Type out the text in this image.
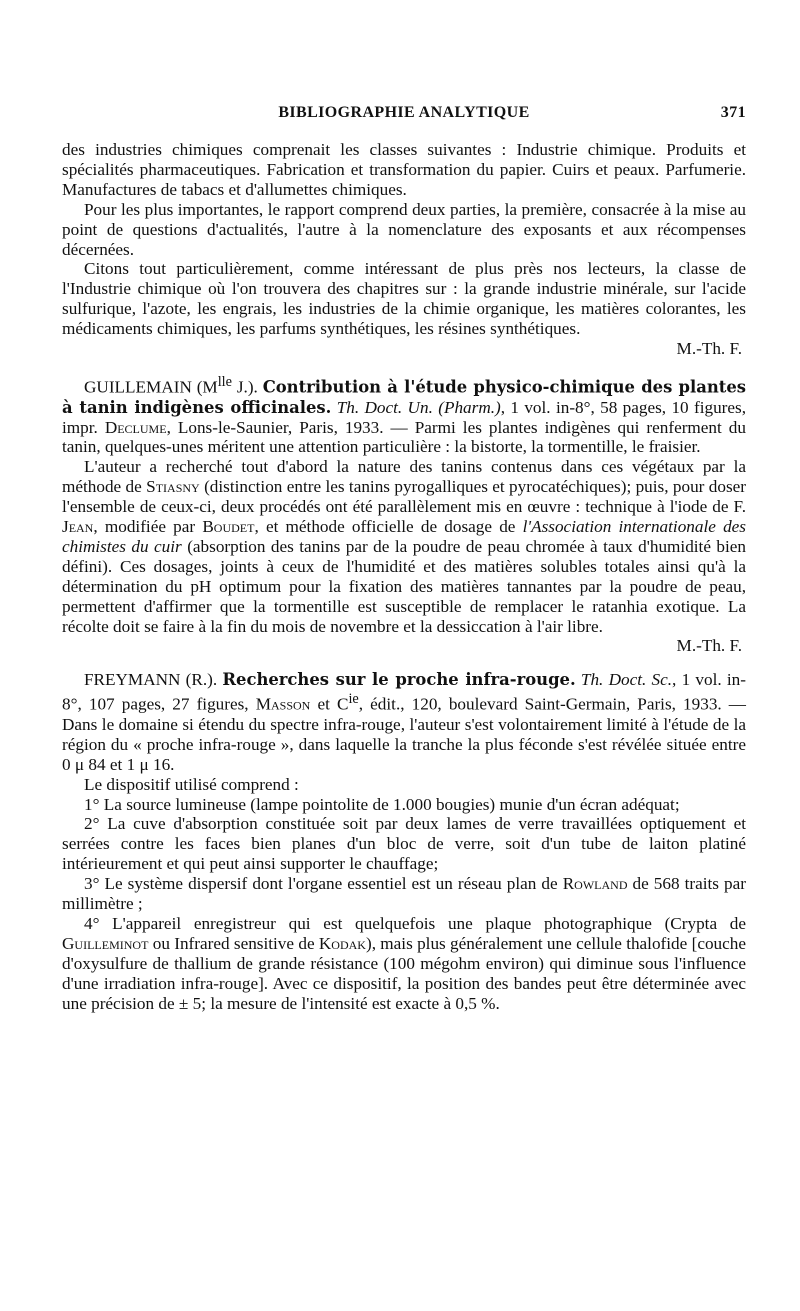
BIBLIOGRAPHIE ANALYTIQUE	371

des industries chimiques comprenait les classes suivantes : Industrie chimique. Produits et spécialités pharmaceutiques. Fabrication et transformation du papier. Cuirs et peaux. Parfumerie. Manufactures de tabacs et d'allumettes chimiques.

Pour les plus importantes, le rapport comprend deux parties, la première, consacrée à la mise au point de questions d'actualités, l'autre à la nomenclature des exposants et aux récompenses décernées.

Citons tout particulièrement, comme intéressant de plus près nos lecteurs, la classe de l'Industrie chimique où l'on trouvera des chapitres sur : la grande industrie minérale, sur l'acide sulfurique, l'azote, les engrais, les industries de la chimie organique, les matières colorantes, les médicaments chimiques, les parfums synthétiques, les résines synthétiques.

M.-Th. F.

GUILLEMAIN ($M^{lle}$ J.). Contribution à l'étude physico-chimique des plantes à tanin indigènes officinales. Th. Doct. Un. (Pharm.), 1 vol. in-8°, 58 pages, 10 figures, impr. Declume, Lons-le-Saunier, Paris, 1933. — Parmi les plantes indigènes qui renferment du tanin, quelques-unes méritent une attention particulière : la bistorte, la tormentille, le fraisier.

L'auteur a recherché tout d'abord la nature des tanins contenus dans ces végétaux par la méthode de Stiasny (distinction entre les tanins pyrogalliques et pyrocatéchiques); puis, pour doser l'ensemble de ceux-ci, deux procédés ont été parallèlement mis en œuvre : technique à l'iode de F. Jean, modifiée par Boudet, et méthode officielle de dosage de l'Association internationale des chimistes du cuir (absorption des tanins par de la poudre de peau chromée à taux d'humidité bien défini). Ces dosages, joints à ceux de l'humidité et des matières solubles totales ainsi qu'à la détermination du pH optimum pour la fixation des matières tannantes par la poudre de peau, permettent d'affirmer que la tormentille est susceptible de remplacer le ratanhia exotique. La récolte doit se faire à la fin du mois de novembre et la dessiccation à l'air libre.

M.-Th. F.

FREYMANN (R.). Recherches sur le proche infra-rouge. Th. Doct. Sc., 1 vol. in-8°, 107 pages, 27 figures, Masson et $C^{ie}$, édit., 120, boulevard Saint-Germain, Paris, 1933. — Dans le domaine si étendu du spectre infra-rouge, l'auteur s'est volontairement limité à l'étude de la région du « proche infra-rouge », dans laquelle la tranche la plus féconde s'est révélée située entre 0 μ 84 et 1 μ 16.

Le dispositif utilisé comprend :

1° La source lumineuse (lampe pointolite de 1.000 bougies) munie d'un écran adéquat;

2° La cuve d'absorption constituée soit par deux lames de verre travaillées optiquement et serrées contre les faces bien planes d'un bloc de verre, soit d'un tube de laiton platiné intérieurement et qui peut ainsi supporter le chauffage;

3° Le système dispersif dont l'organe essentiel est un réseau plan de Rowland de 568 traits par millimètre ;

4° L'appareil enregistreur qui est quelquefois une plaque photographique (Crypta de Guilleminot ou Infrared sensitive de Kodak), mais plus généralement une cellule thalofide [couche d'oxysulfure de thallium de grande résistance (100 mégohm environ) qui diminue sous l'influence d'une irradiation infra-rouge]. Avec ce dispositif, la position des bandes peut être déterminée avec une précision de ± 5; la mesure de l'intensité est exacte à 0,5 %.
